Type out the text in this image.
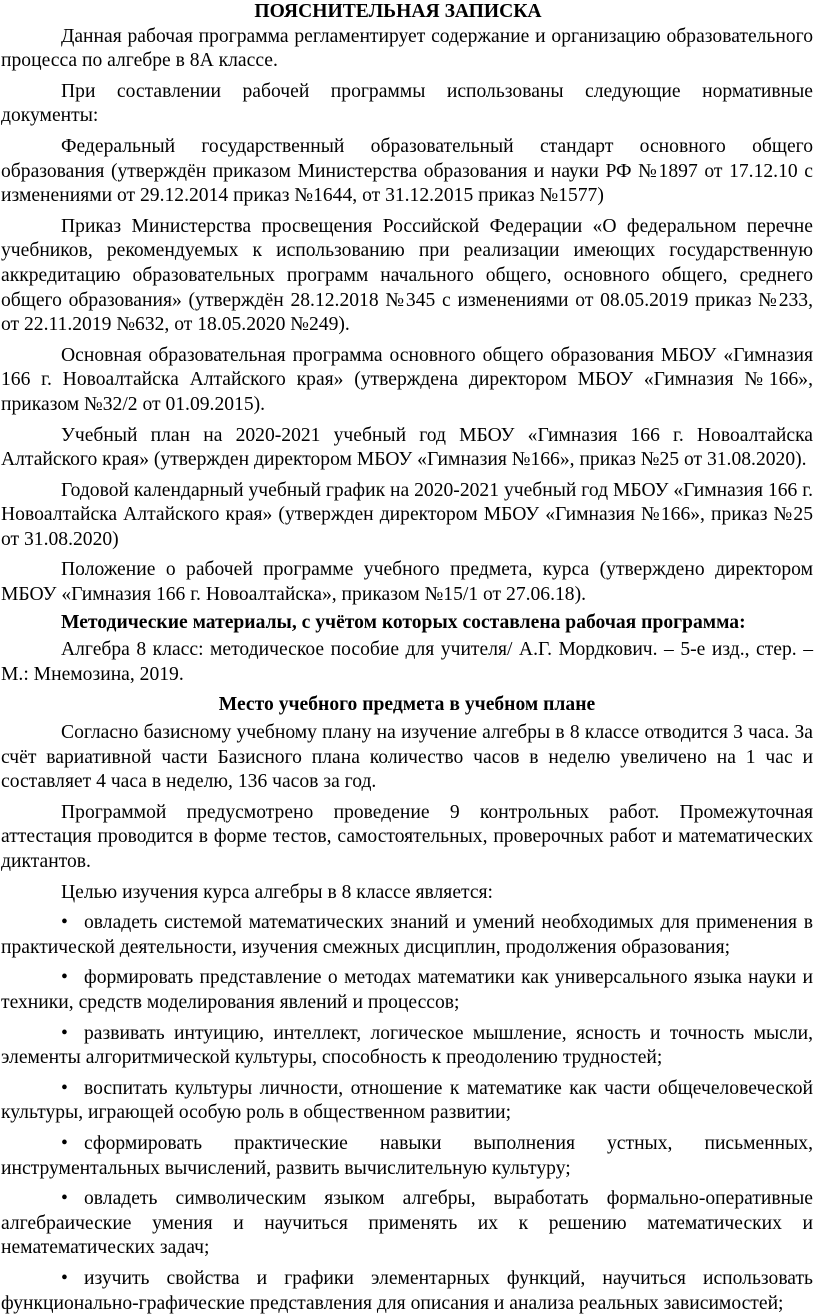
ПОЯСНИТЕЛЬНАЯ ЗАПИСКА

Данная рабочая программа регламентирует содержание и организацию образовательного процесса по алгебре в 8А классе.

При составлении рабочей программы использованы следующие нормативные документы:

Федеральный государственный образовательный стандарт основного общего образования (утверждён приказом Министерства образования и науки РФ №1897 от 17.12.10 с изменениями от 29.12.2014 приказ №1644, от 31.12.2015 приказ №1577)

Приказ Министерства просвещения Российской Федерации «О федеральном перечне учебников, рекомендуемых к использованию при реализации имеющих государственную аккредитацию образовательных программ начального общего, основного общего, среднего общего образования» (утверждён 28.12.2018 №345 с изменениями от 08.05.2019 приказ №233, от 22.11.2019 №632, от 18.05.2020 №249).

Основная образовательная программа основного общего образования МБОУ «Гимназия 166 г. Новоалтайска Алтайского края» (утверждена директором МБОУ «Гимназия №166», приказом №32/2 от 01.09.2015).

Учебный план на 2020-2021 учебный год МБОУ «Гимназия 166 г. Новоалтайска Алтайского края» (утвержден директором МБОУ «Гимназия №166», приказ №25 от 31.08.2020).

Годовой календарный учебный график на 2020-2021 учебный год МБОУ «Гимназия 166 г. Новоалтайска Алтайского края» (утвержден директором МБОУ «Гимназия №166», приказ №25 от 31.08.2020)

Положение о рабочей программе учебного предмета, курса (утверждено директором МБОУ «Гимназия 166 г. Новоалтайска», приказом №15/1 от 27.06.18).

Методические материалы, с учётом которых составлена рабочая программа:

Алгебра 8 класс: методическое пособие для учителя/ А.Г. Мордкович. – 5-е изд., стер. – М.: Мнемозина, 2019.

Место учебного предмета в учебном плане

Согласно базисному учебному плану на изучение алгебры в 8 классе отводится 3 часа. За счёт вариативной части Базисного плана количество часов в неделю увеличено на 1 час и составляет 4 часа в неделю, 136 часов за год.

Программой предусмотрено проведение 9 контрольных работ. Промежуточная аттестация проводится в форме тестов, самостоятельных, проверочных работ и математических диктантов.

Целью изучения курса алгебры в 8 классе является:

• овладеть системой математических знаний и умений необходимых для применения в практической деятельности, изучения смежных дисциплин, продолжения образования;

• формировать представление о методах математики как универсального языка науки и техники, средств моделирования явлений и процессов;

• развивать интуицию, интеллект, логическое мышление, ясность и точность мысли, элементы алгоритмической культуры, способность к преодолению трудностей;

• воспитать культуры личности, отношение к математике как части общечеловеческой культуры, играющей особую роль в общественном развитии;

• сформировать практические навыки выполнения устных, письменных, инструментальных вычислений, развить вычислительную культуру;

• овладеть символическим языком алгебры, выработать формально-оперативные алгебраические умения и научиться применять их к решению математических и нематематических задач;

• изучить свойства и графики элементарных функций, научиться использовать функционально-графические представления для описания и анализа реальных зависимостей;
